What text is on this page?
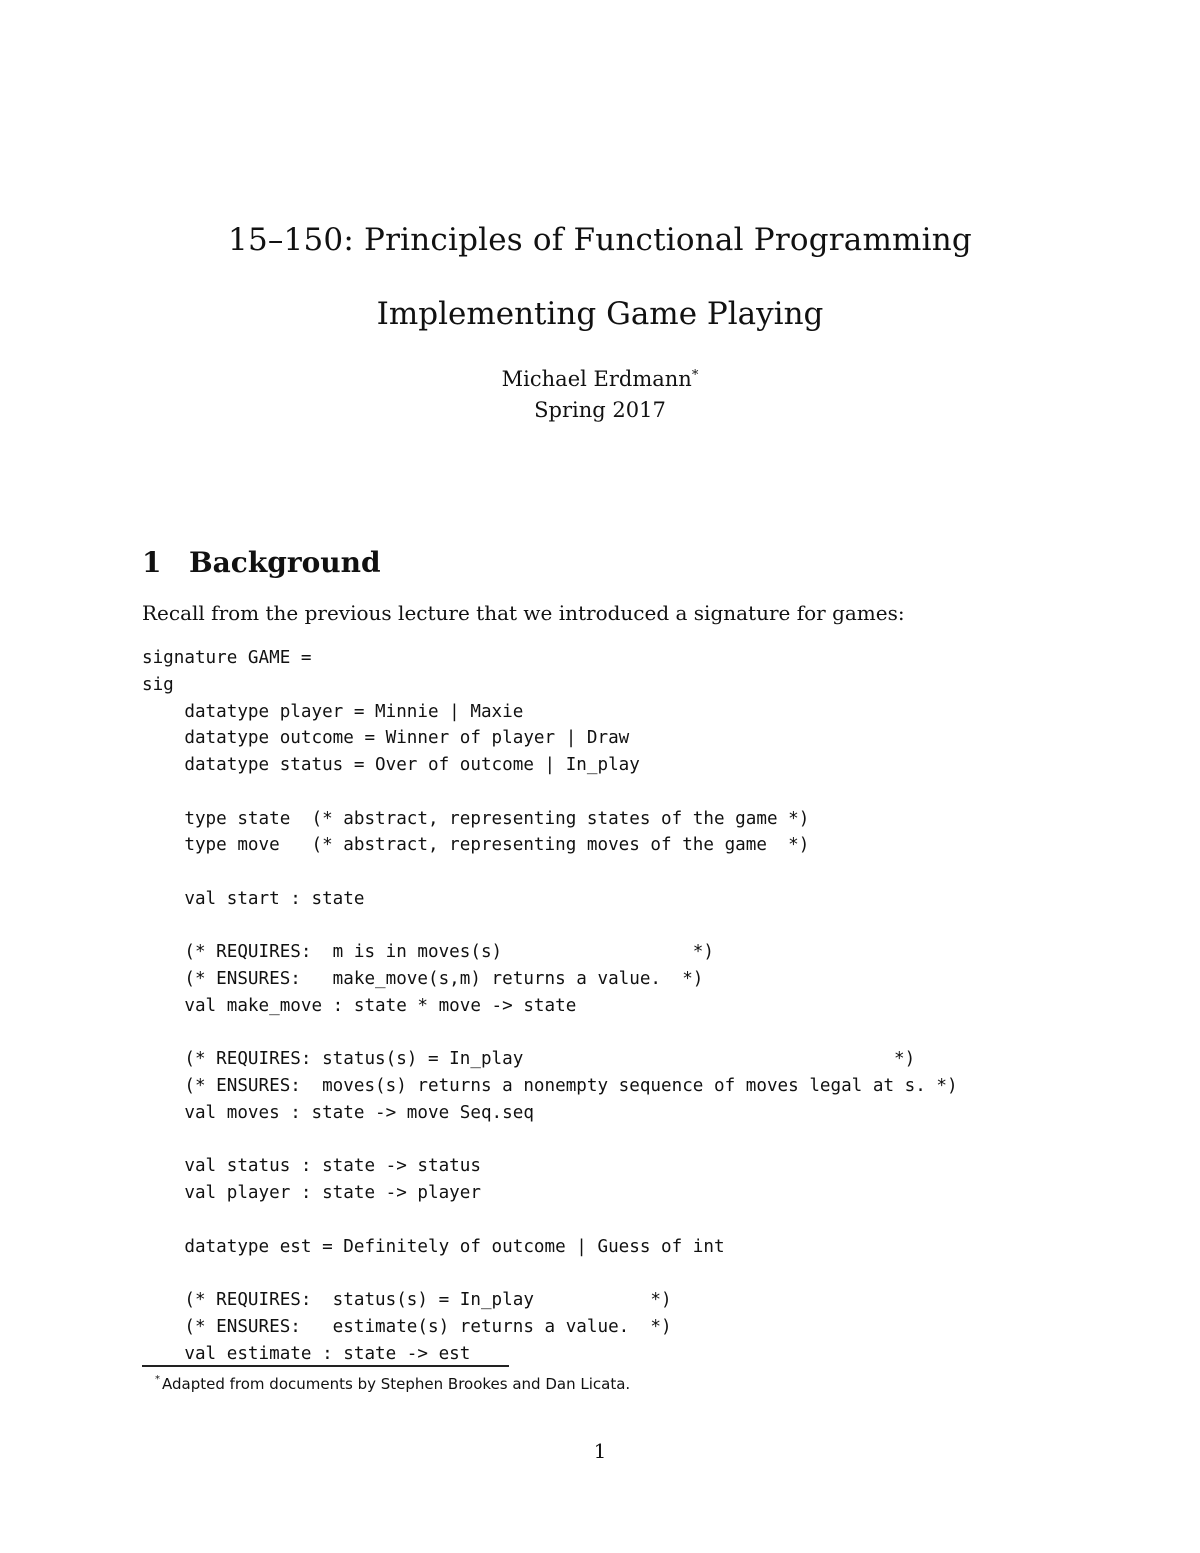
15–150: Principles of Functional Programming
Implementing Game Playing
Michael Erdmann*
Spring 2017
1 Background
Recall from the previous lecture that we introduced a signature for games:
signature GAME =
sig
datatype player = Minnie | Maxie
datatype outcome = Winner of player | Draw
datatype status = Over of outcome | In_play
type state  (* abstract, representing states of the game *)
type move   (* abstract, representing moves of the game  *)
val start : state
(* REQUIRES:  m is in moves(s)                  *)
(* ENSURES:   make_move(s,m) returns a value.  *)
val make_move : state * move -> state
(* REQUIRES: status(s) = In_play                                   *)
(* ENSURES:  moves(s) returns a nonempty sequence of moves legal at s. *)
val moves : state -> move Seq.seq
val status : state -> status
val player : state -> player
datatype est = Definitely of outcome | Guess of int
(* REQUIRES:  status(s) = In_play           *)
(* ENSURES:   estimate(s) returns a value.  *)
val estimate : state -> est
* Adapted from documents by Stephen Brookes and Dan Licata.
1
